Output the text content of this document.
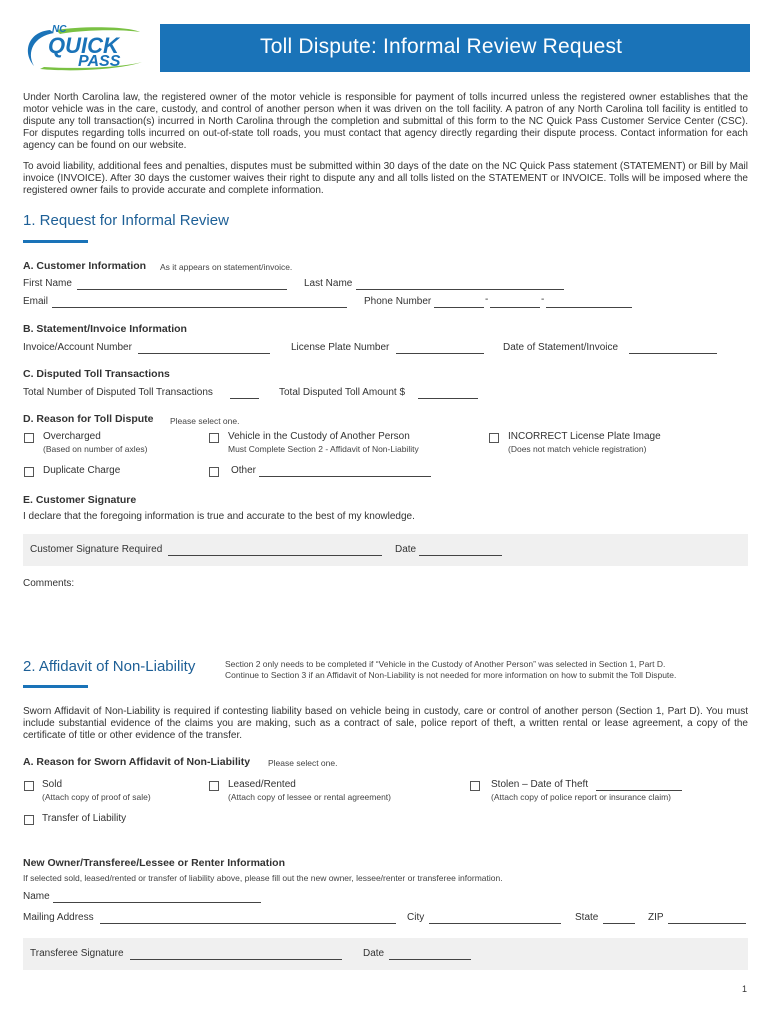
NC
QUICK
PASS
Toll Dispute: Informal Review Request
Under North Carolina law, the registered owner of the motor vehicle is responsible for payment of tolls incurred unless the registered owner establishes that the motor vehicle was in the care, custody, and control of another person when it was driven on the toll facility. A patron of any North Carolina toll facility is entitled to dispute any toll transaction(s) incurred in North Carolina through the completion and submittal of this form to the NC Quick Pass Customer Service Center (CSC). For disputes regarding tolls incurred on out-of-state toll roads, you must contact that agency directly regarding their dispute process. Contact information for each agency can be found on our website.
To avoid liability, additional fees and penalties, disputes must be submitted within 30 days of the date on the NC Quick Pass statement (STATEMENT) or Bill by Mail invoice (INVOICE). After 30 days the customer waives their right to dispute any and all tolls listed on the STATEMENT or INVOICE. Tolls will be imposed where the registered owner fails to provide accurate and complete information.
1. Request for Informal Review
A. Customer Information As it appears on statement/invoice.
First Name	Last Name
Email	Phone Number	-	-
B. Statement/Invoice Information
Invoice/Account Number	License Plate Number	Date of Statement/Invoice
C. Disputed Toll Transactions
Total Number of Disputed Toll Transactions	Total Disputed Toll Amount $
D. Reason for Toll Dispute Please select one.
Overcharged
(Based on number of axles)
Vehicle in the Custody of Another Person
Must Complete Section 2 - Affidavit of Non-Liability
INCORRECT License Plate Image
(Does not match vehicle registration)
Duplicate Charge	Other
E. Customer Signature
I declare that the foregoing information is true and accurate to the best of my knowledge.
Customer Signature Required	Date
Comments:
2. Affidavit of Non-Liability	Section 2 only needs to be completed if “Vehicle in the Custody of Another Person” was selected in Section 1, Part D.
Continue to Section 3 if an Affidavit of Non-Liability is not needed for more information on how to submit the Toll Dispute.
Sworn Affidavit of Non-Liability is required if contesting liability based on vehicle being in custody, care or control of another person (Section 1, Part D). You must include substantial evidence of the claims you are making, such as a contract of sale, police report of theft, a written rental or lease agreement, a copy of the certificate of title or other evidence of the transfer.
A. Reason for Sworn Affidavit of Non-Liability Please select one.
Sold
(Attach copy of proof of sale)
Leased/Rented
(Attach copy of lessee or rental agreement)
Stolen – Date of Theft
(Attach copy of police report or insurance claim)
Transfer of Liability
New Owner/Transferee/Lessee or Renter Information
If selected sold, leased/rented or transfer of liability above, please fill out the new owner, lessee/renter or transferee information.
Name
Mailing Address	City	State	ZIP
Transferee Signature	Date
1
